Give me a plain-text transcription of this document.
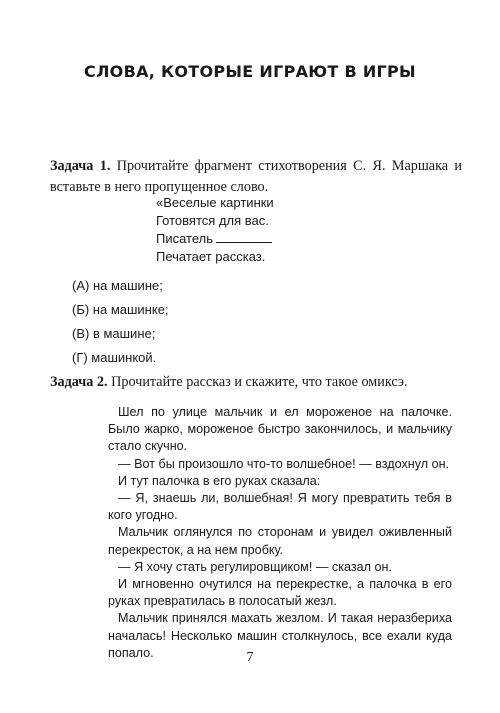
СЛОВА, КОТОРЫЕ ИГРАЮТ В ИГРЫ
Задача 1. Прочитайте фрагмент стихотворения С. Я. Маршака и вставьте в него пропущенное слово.
«Веселые картинки
Готовятся для вас.
Писатель
Печатает рассказ.
(А) на машине;
(Б) на машинке;
(В) в машине;
(Г) машинкой.
Задача 2. Прочитайте рассказ и скажите, что такое омиксэ.

Шел по улице мальчик и ел мороженое на палочке. Было жарко, мороженое быстро закончилось, и мальчику стало скучно.

— Вот бы произошло что-то волшебное! — вздохнул он.

И тут палочка в его руках сказала:

— Я, знаешь ли, волшебная! Я могу превратить тебя в кого угодно.

Мальчик оглянулся по сторонам и увидел оживленный перекресток, а на нем пробку.

— Я хочу стать регулировщиком! — сказал он.

И мгновенно очутился на перекрестке, а палочка в его руках превратилась в полосатый жезл.

Мальчик принялся махать жезлом. И такая неразбериха началась! Несколько машин столкнулось, все ехали куда попало.	7
